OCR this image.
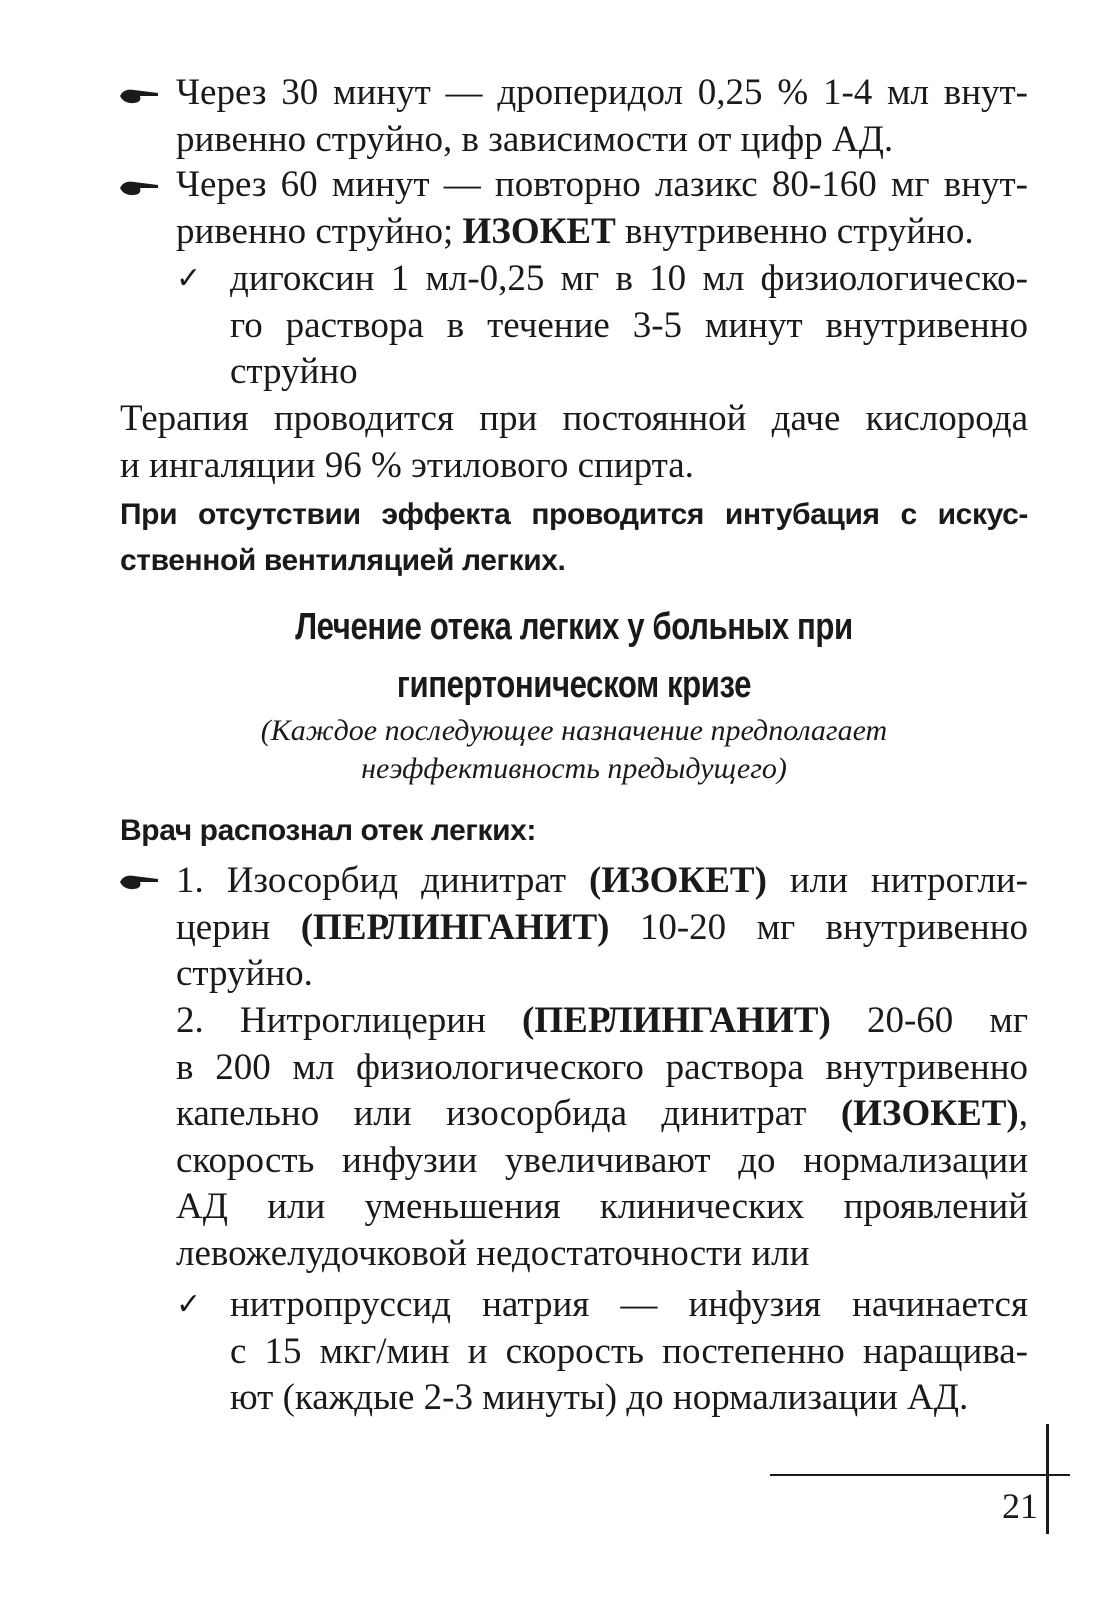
Через 30 минут — дроперидол 0,25 % 1-4 мл внут-
ривенно струйно, в зависимости от цифр АД.
Через 60 минут — повторно лазикс 80-160 мг внут-
ривенно струйно; ИЗОКЕТ внутривенно струйно.
✓ дигоксин 1 мл-0,25 мг в 10 мл физиологическо-
го раствора в течение 3-5 минут внутривенно
струйно
Терапия проводится при постоянной даче кислорода
и ингаляции 96 % этилового спирта.
При отсутствии эффекта проводится интубация с искус-
ственной вентиляцией легких.
Лечение отека легких у больных при
гипертоническом кризе
(Каждое последующее назначение предполагает
неэффективность предыдущего)
Врач распознал отек легких:
1. Изосорбид динитрат (ИЗОКЕТ) или нитрогли-
церин (ПЕРЛИНГАНИТ) 10-20 мг внутривенно
струйно.
2. Нитроглицерин (ПЕРЛИНГАНИТ) 20-60 мг
в 200 мл физиологического раствора внутривенно
капельно или изосорбида динитрат (ИЗОКЕТ),
скорость инфузии увеличивают до нормализации
АД или уменьшения клинических проявлений
левожелудочковой недостаточности или
✓ нитропруссид натрия — инфузия начинается
с 15 мкг/мин и скорость постепенно наращива-
ют (каждые 2-3 минуты) до нормализации АД.
21
